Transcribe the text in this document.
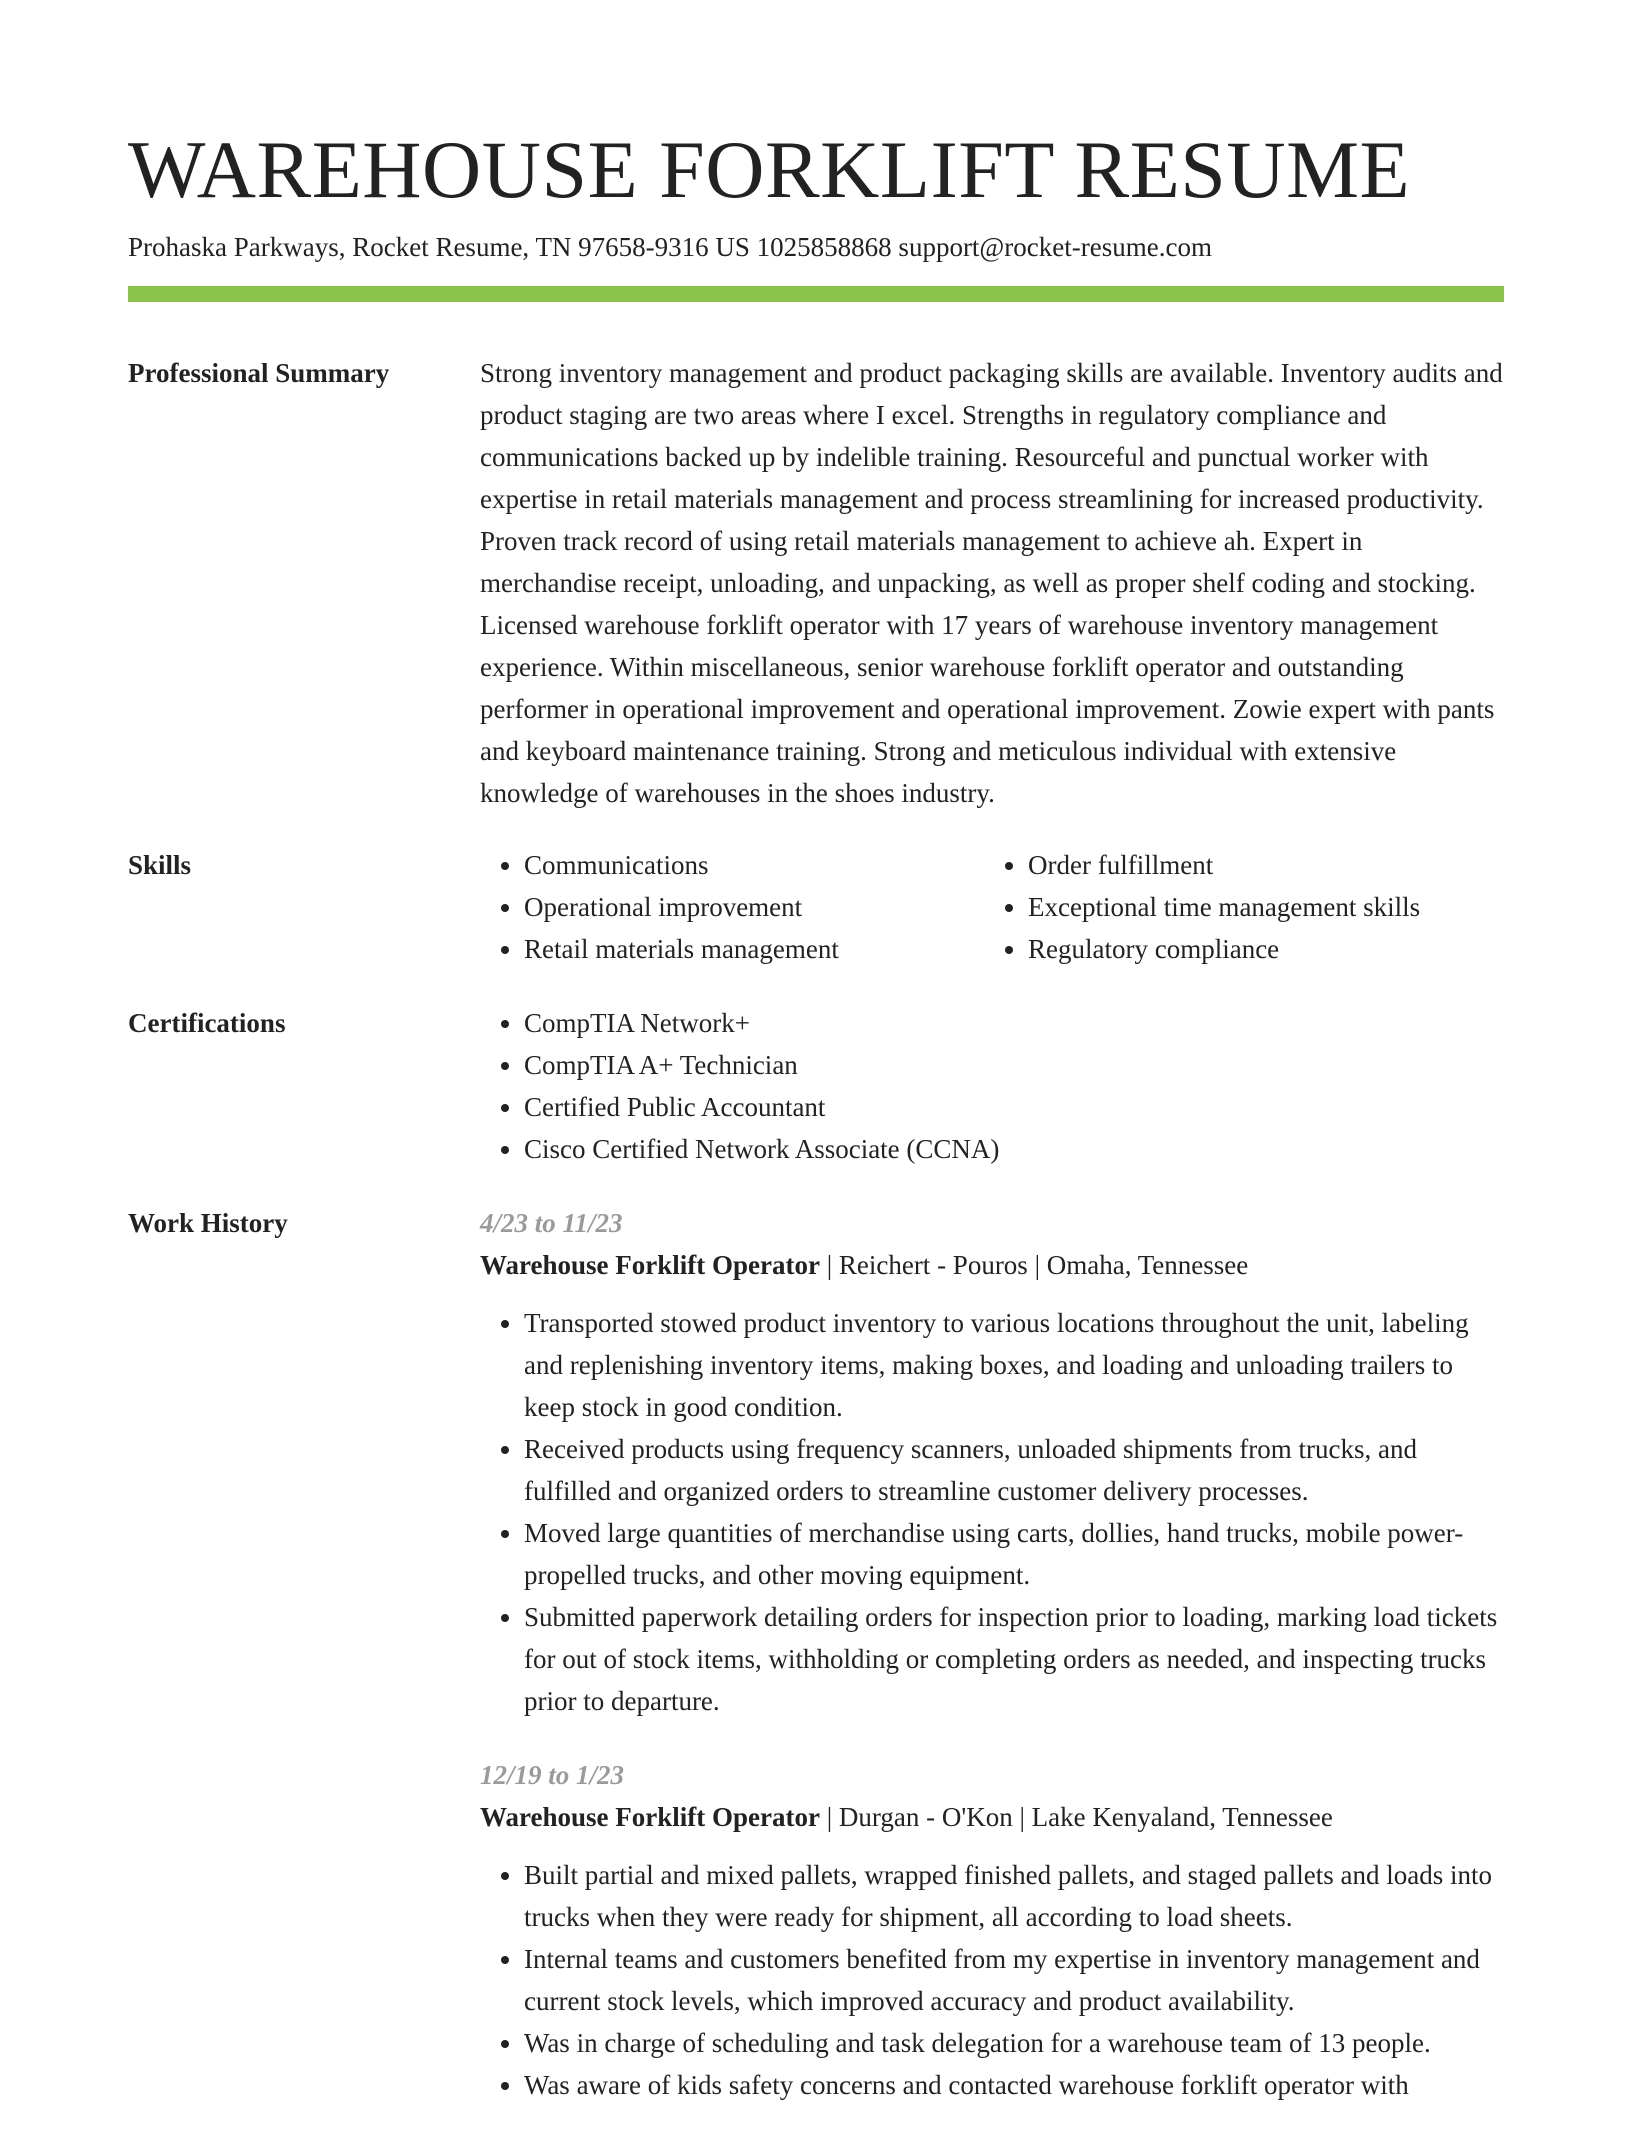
WAREHOUSE FORKLIFT RESUME
Prohaska Parkways, Rocket Resume, TN 97658-9316 US 1025858868 support@rocket-resume.com
Professional Summary	Strong inventory management and product packaging skills are available. Inventory audits and product staging are two areas where I excel. Strengths in regulatory compliance and communications backed up by indelible training. Resourceful and punctual worker with expertise in retail materials management and process streamlining for increased productivity. Proven track record of using retail materials management to achieve ah. Expert in merchandise receipt, unloading, and unpacking, as well as proper shelf coding and stocking. Licensed warehouse forklift operator with 17 years of warehouse inventory management experience. Within miscellaneous, senior warehouse forklift operator and outstanding performer in operational improvement and operational improvement. Zowie expert with pants and keyboard maintenance training. Strong and meticulous individual with extensive knowledge of warehouses in the shoes industry.

Skills	• Communications
• Operational improvement
• Retail materials management
• Order fulfillment
• Exceptional time management skills
• Regulatory compliance
Certifications	• CompTIA Network+
• CompTIA A+ Technician
• Certified Public Accountant
• Cisco Certified Network Associate (CCNA)
Work History	4/23 to 11/23
Warehouse Forklift Operator | Reichert - Pouros | Omaha, Tennessee
• Transported stowed product inventory to various locations throughout the unit, labeling and replenishing inventory items, making boxes, and loading and unloading trailers to keep stock in good condition.
• Received products using frequency scanners, unloaded shipments from trucks, and fulfilled and organized orders to streamline customer delivery processes.
• Moved large quantities of merchandise using carts, dollies, hand trucks, mobile power-propelled trucks, and other moving equipment.
• Submitted paperwork detailing orders for inspection prior to loading, marking load tickets for out of stock items, withholding or completing orders as needed, and inspecting trucks prior to departure.
12/19 to 1/23
Warehouse Forklift Operator | Durgan - O'Kon | Lake Kenyaland, Tennessee
• Built partial and mixed pallets, wrapped finished pallets, and staged pallets and loads into trucks when they were ready for shipment, all according to load sheets.
• Internal teams and customers benefited from my expertise in inventory management and current stock levels, which improved accuracy and product availability.
• Was in charge of scheduling and task delegation for a warehouse team of 13 people.
• Was aware of kids safety concerns and contacted warehouse forklift operator with
